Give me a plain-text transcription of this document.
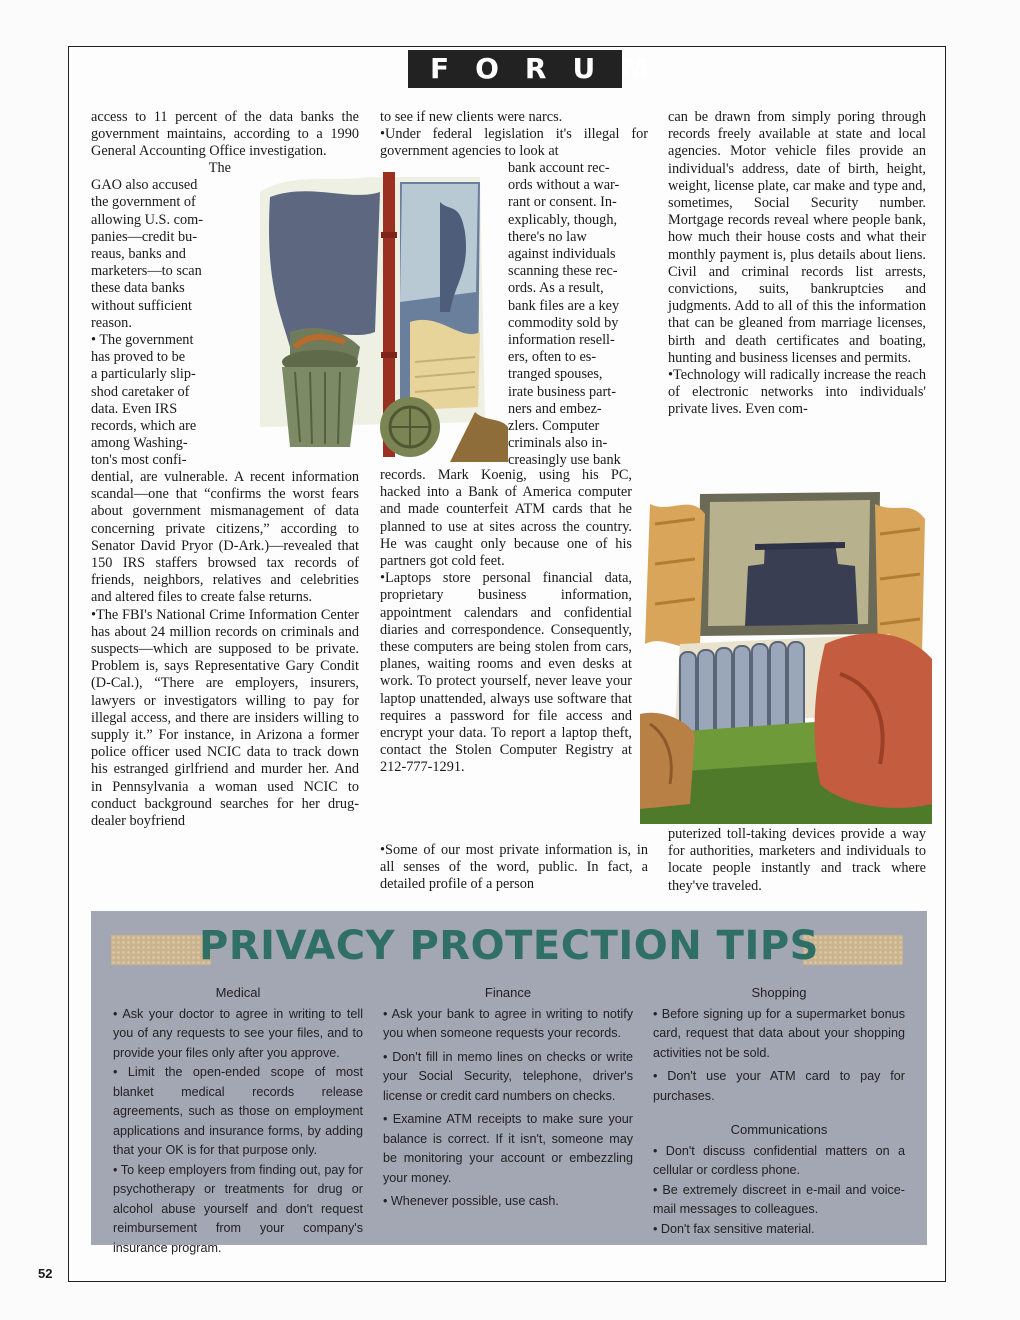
FORUM

access to 11 percent of the data banks the government maintains, according to a 1990 General Accounting Office investigation.

The
GAO also accused
the government of
allowing U.S. com-
panies—credit bu-
reaus, banks and
marketers—to scan
these data banks
without sufficient
reason.
• The government
has proved to be
a particularly slip-
shod caretaker of
data. Even IRS
records, which are
among Washing-
ton's most confi-

dential, are vulnerable. A recent information scandal—one that “confirms the worst fears about government mismanagement of data concerning private citizens,” according to Senator David Pryor (D-Ark.)—revealed that 150 IRS staffers browsed tax records of friends, neighbors, relatives and celebrities and altered files to create false returns.

• The FBI's National Crime Information Center has about 24 million records on criminals and suspects—which are supposed to be private. Problem is, says Representative Gary Condit (D-Cal.), “There are employers, insurers, lawyers or investigators willing to pay for illegal access, and there are insiders willing to supply it.” For instance, in Arizona a former police officer used NCIC data to track down his estranged girlfriend and murder her. And in Pennsylvania a woman used NCIC to conduct background searches for her drug-dealer boyfriend

to see if new clients were narcs.

• Under federal legislation it's illegal for government agencies to look at

bank account rec-
ords without a war-
rant or consent. In-
explicably, though,
there's no law
against individuals
scanning these rec-
ords. As a result,
bank files are a key
commodity sold by
information resell-
ers, often to es-
tranged spouses,
irate business part-
ners and embez-
zlers. Computer
criminals also in-
creasingly use bank

records. Mark Koenig, using his PC, hacked into a Bank of America computer and made counterfeit ATM cards that he planned to use at sites across the country. He was caught only because one of his partners got cold feet.

• Laptops store personal financial data, proprietary business information, appointment calendars and confidential diaries and correspondence. Consequently, these computers are being stolen from cars, planes, waiting rooms and even desks at work. To protect yourself, never leave your laptop unattended, always use software that requires a password for file access and encrypt your data. To report a laptop theft, contact the Stolen Computer Registry at 212-777-1291.

• Some of our most private information is, in all senses of the word, public. In fact, a detailed profile of a person

can be drawn from simply poring through records freely available at state and local agencies. Motor vehicle files provide an individual's address, date of birth, height, weight, license plate, car make and type and, sometimes, Social Security number. Mortgage records reveal where people bank, how much their house costs and what their monthly payment is, plus details about liens. Civil and criminal records list arrests, convictions, suits, bankruptcies and judgments. Add to all of this the information that can be gleaned from marriage licenses, birth and death certificates and boating, hunting and business licenses and permits.

• Technology will radically increase the reach of electronic networks into individuals' private lives. Even com-

puterized toll-taking devices provide a way for authorities, marketers and individuals to locate people instantly and track where they've traveled.

PRIVACY PROTECTION TIPS
Medical

• Ask your doctor to agree in writing to tell you of any requests to see your files, and to provide your files only after you approve.

• Limit the open-ended scope of most blanket medical records release agreements, such as those on employment applications and insurance forms, by adding that your OK is for that purpose only.

• To keep employers from finding out, pay for psychotherapy or treatments for drug or alcohol abuse yourself and don't request reimbursement from your company's insurance program.

Finance

• Ask your bank to agree in writing to notify you when someone requests your records.

• Don't fill in memo lines on checks or write your Social Security, telephone, driver's license or credit card numbers on checks.

• Examine ATM receipts to make sure your balance is correct. If it isn't, someone may be monitoring your account or embezzling your money.

• Whenever possible, use cash.

Shopping

• Before signing up for a supermarket bonus card, request that data about your shopping activities not be sold.

• Don't use your ATM card to pay for purchases.

Communications

• Don't discuss confidential matters on a cellular or cordless phone.

• Be extremely discreet in e-mail and voice-mail messages to colleagues.

• Don't fax sensitive material.

52
